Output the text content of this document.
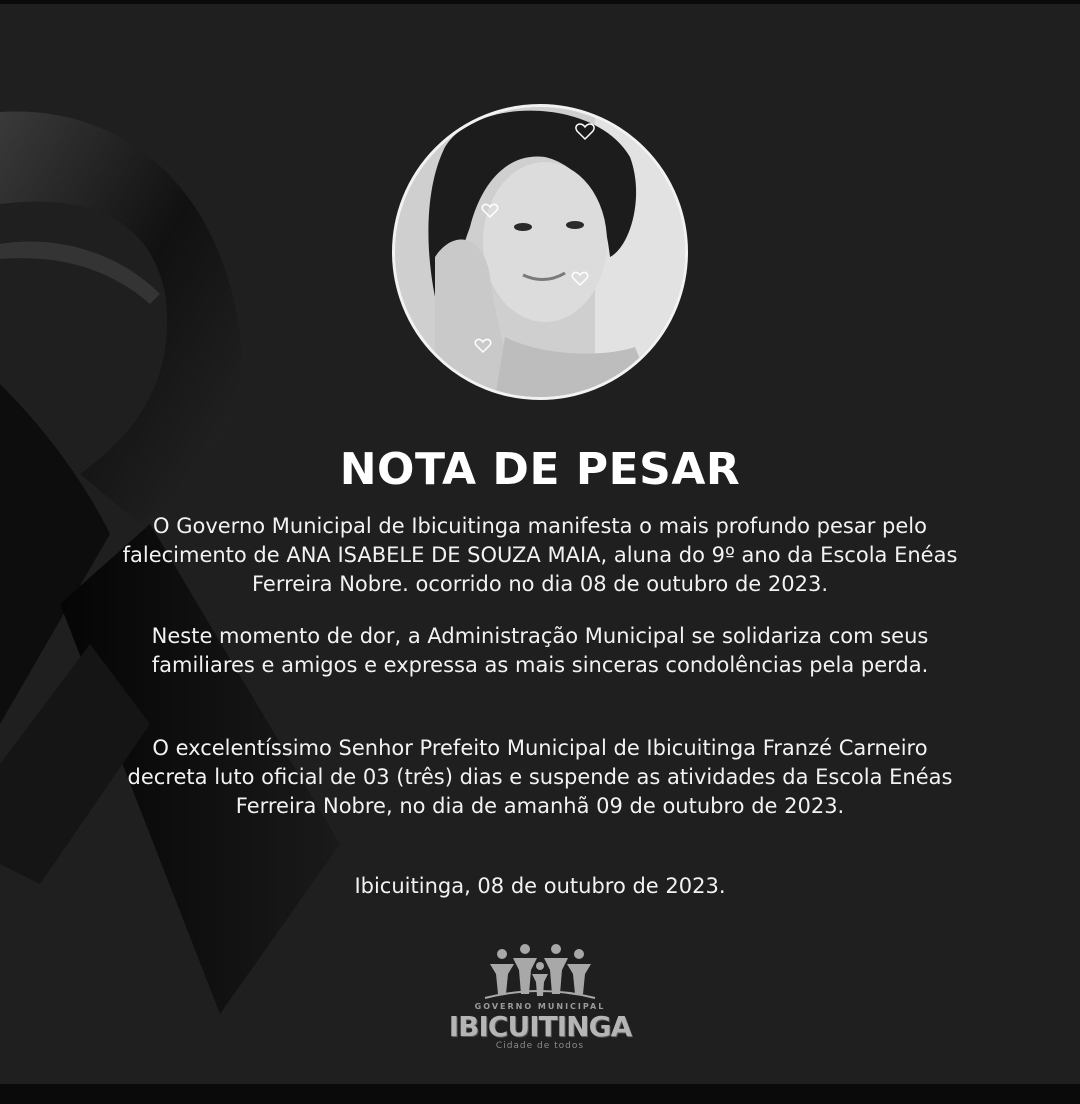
NOTA DE PESAR

O Governo Municipal de Ibicuitinga manifesta o mais profundo pesar pelo falecimento de ANA ISABELE DE SOUZA MAIA, aluna do 9º ano da Escola Enéas Ferreira Nobre. ocorrido no dia 08 de outubro de 2023.

Neste momento de dor, a Administração Municipal se solidariza com seus familiares e amigos e expressa as mais sinceras condolências pela perda.

O excelentíssimo Senhor Prefeito Municipal de Ibicuitinga Franzé Carneiro decreta luto oficial de 03 (três) dias e suspende as atividades da Escola Enéas Ferreira Nobre, no dia de amanhã 09 de outubro de 2023.

Ibicuitinga, 08 de outubro de 2023.
GOVERNO MUNICIPAL
IBICUITINGA
Cidade de todos
